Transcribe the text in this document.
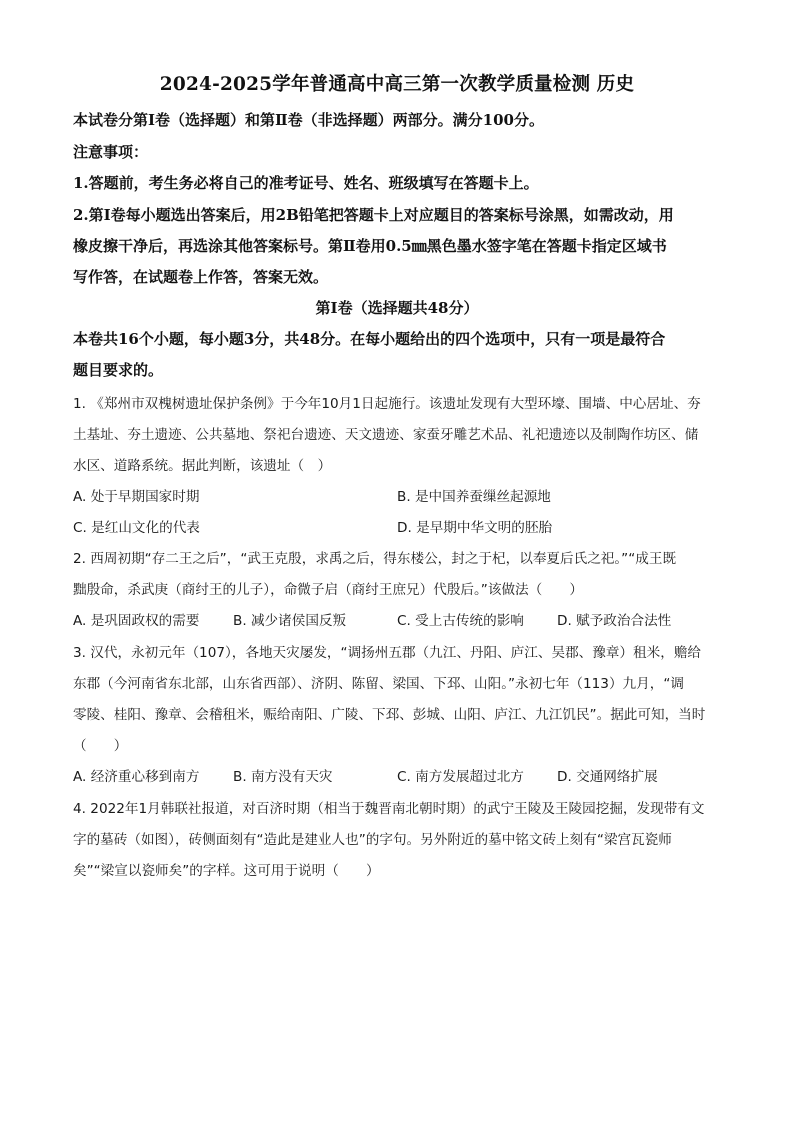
2024-2025学年普通高中高三第一次教学质量检测 历史
本试卷分第Ⅰ卷（选择题）和第Ⅱ卷（非选择题）两部分。满分100分。
注意事项：
1.答题前，考生务必将自己的准考证号、姓名、班级填写在答题卡上。
2.第Ⅰ卷每小题选出答案后，用2B铅笔把答题卡上对应题目的答案标号涂黑，如需改动，用
橡皮擦干净后，再选涂其他答案标号。第Ⅱ卷用0.5㎜黑色墨水签字笔在答题卡指定区域书
写作答，在试题卷上作答，答案无效。
第Ⅰ卷（选择题共48分）
本卷共16个小题，每小题3分，共48分。在每小题给出的四个选项中，只有一项是最符合
题目要求的。
1. 《郑州市双槐树遗址保护条例》于今年10月1日起施行。该遗址发现有大型环壕、围墙、中心居址、夯
土基址、夯土遗迹、公共墓地、祭祀台遗迹、天文遗迹、家蚕牙雕艺术品、礼祀遗迹以及制陶作坊区、储
水区、道路系统。据此判断，该遗址（　）
A. 处于早期国家时期	B. 是中国养蚕缫丝起源地
C. 是红山文化的代表	D. 是早期中华文明的胚胎
2. 西周初期“存二王之后”，“武王克殷，求禹之后，得东楼公，封之于杞，以奉夏后氏之祀。”“成王既
黜殷命，杀武庚（商纣王的儿子），命微子启（商纣王庶兄）代殷后。”该做法（　　）
A. 是巩固政权的需要 B. 减少诸侯国反叛	C. 受上古传统的影响 D. 赋予政治合法性
3. 汉代，永初元年（107），各地天灾屡发，“调扬州五郡（九江、丹阳、庐江、吴郡、豫章）租米，赡给
东郡（今河南省东北部，山东省西部）、济阴、陈留、梁国、下邳、山阳。”永初七年（113）九月，“调
零陵、桂阳、豫章、会稽租米，赈给南阳、广陵、下邳、彭城、山阳、庐江、九江饥民”。据此可知，当时
（　　）
A. 经济重心移到南方 B. 南方没有天灾	C. 南方发展超过北方 D. 交通网络扩展
4. 2022年1月韩联社报道，对百济时期（相当于魏晋南北朝时期）的武宁王陵及王陵园挖掘，发现带有文
字的墓砖（如图），砖侧面刻有“造此是建业人也”的字句。另外附近的墓中铭文砖上刻有“梁宫瓦瓷师
矣”“梁宣以瓷师矣”的字样。这可用于说明（　　）
